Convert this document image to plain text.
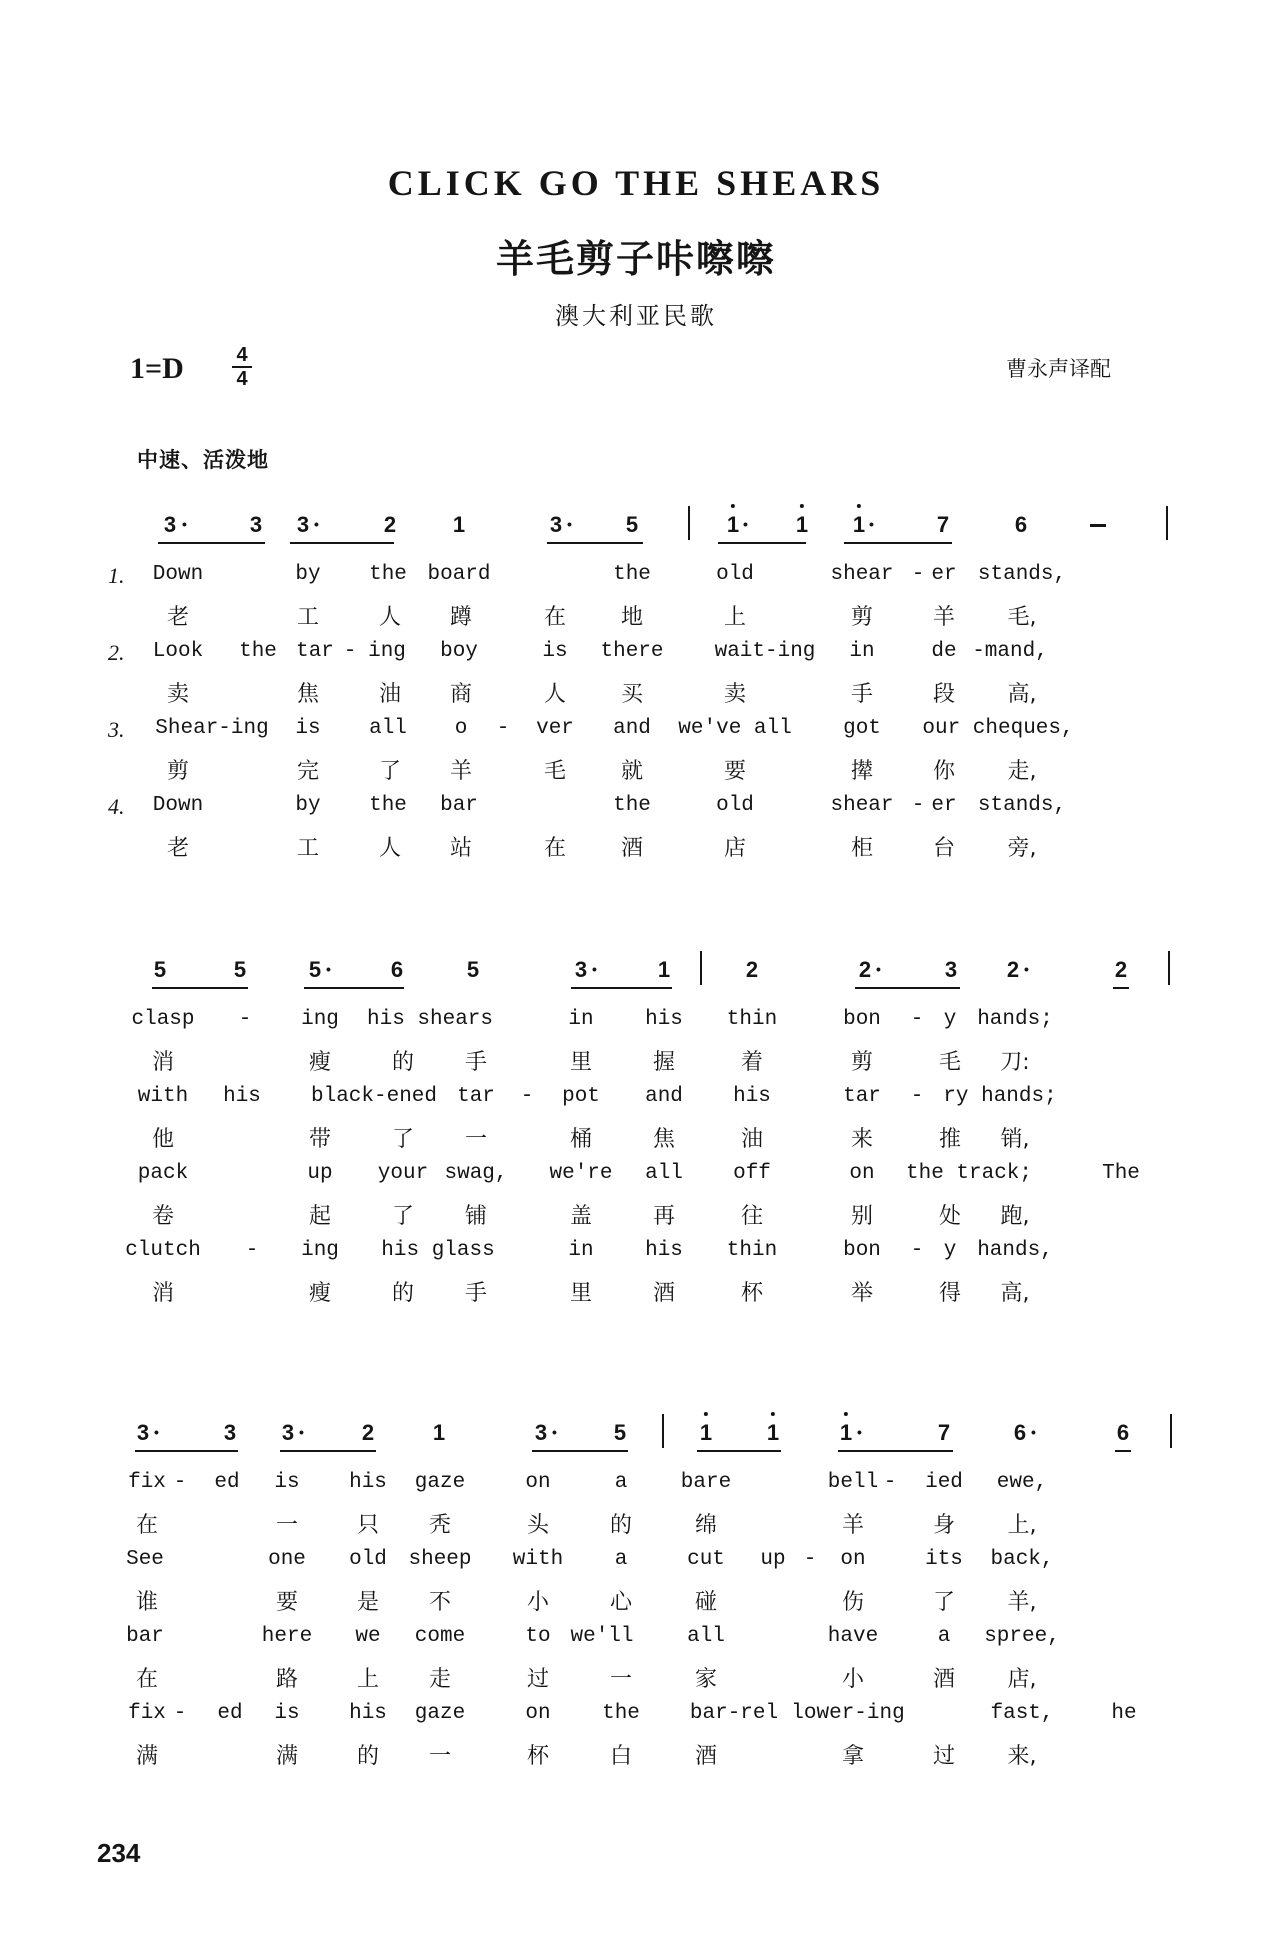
CLICK GO THE SHEARS
羊毛剪子咔嚓嚓
澳大利亚民歌
1=D	4
4	曹永声译配
中速、活泼地
3 •	3 3 •	2	1	3 • 5	1 • 1 1 •	7	6
1. Down	by the board	the	old	shear - er stands,
老	工	人 蹲	在 地	上	剪	羊 毛,
2. Look the tar - ing boy	is there wait-ing in	de -mand,
卖	焦	油 商	人 买	卖	手	段 高,
3. Shear-ing is all o - ver and we've all got our cheques,
剪	完	了 羊	毛 就	要	撵	你 走,
4. Down	by the bar	the	old	shear - er stands,
老	工	人 站	在 酒	店	柜	台 旁,
5	5	5 •	6	5	3 •	1	2	2 •	3 2 •	2
clasp - ing his shears	in his thin	bon - y hands;
消	瘦	的 手	里	握	着	剪	毛 刀:
with his black-ened tar - pot and his	tar - ry hands;
他	带	了 一	桶	焦	油	来	推 销,
pack	up your swag, we're all off	on the track;	The
卷	起	了 铺	盖	再	往	别	处 跑,
clutch - ing his glass	in his thin	bon - y hands,
消	瘦	的 手	里	酒	杯	举	得 高,
3 •	3 3 •	2	1	3 •	5	1 1	1 •	7	6 •	6
fix - ed is his gaze	on	a	bare	bell - ied ewe,
在	一	只 秃	头	的	绵	羊	身 上,
See	one old sheep with a	cut up - on	its back,
谁	要	是 不	小	心	碰	伤	了 羊,
bar	here we come	to we'll	all	have	a spree,
在	路	上 走	过	一	家	小	酒 店,
fix - ed is his gaze	on the bar-rel lower-ing	fast,	he
满	满	的 一	杯	白	酒	拿	过 来,
234
